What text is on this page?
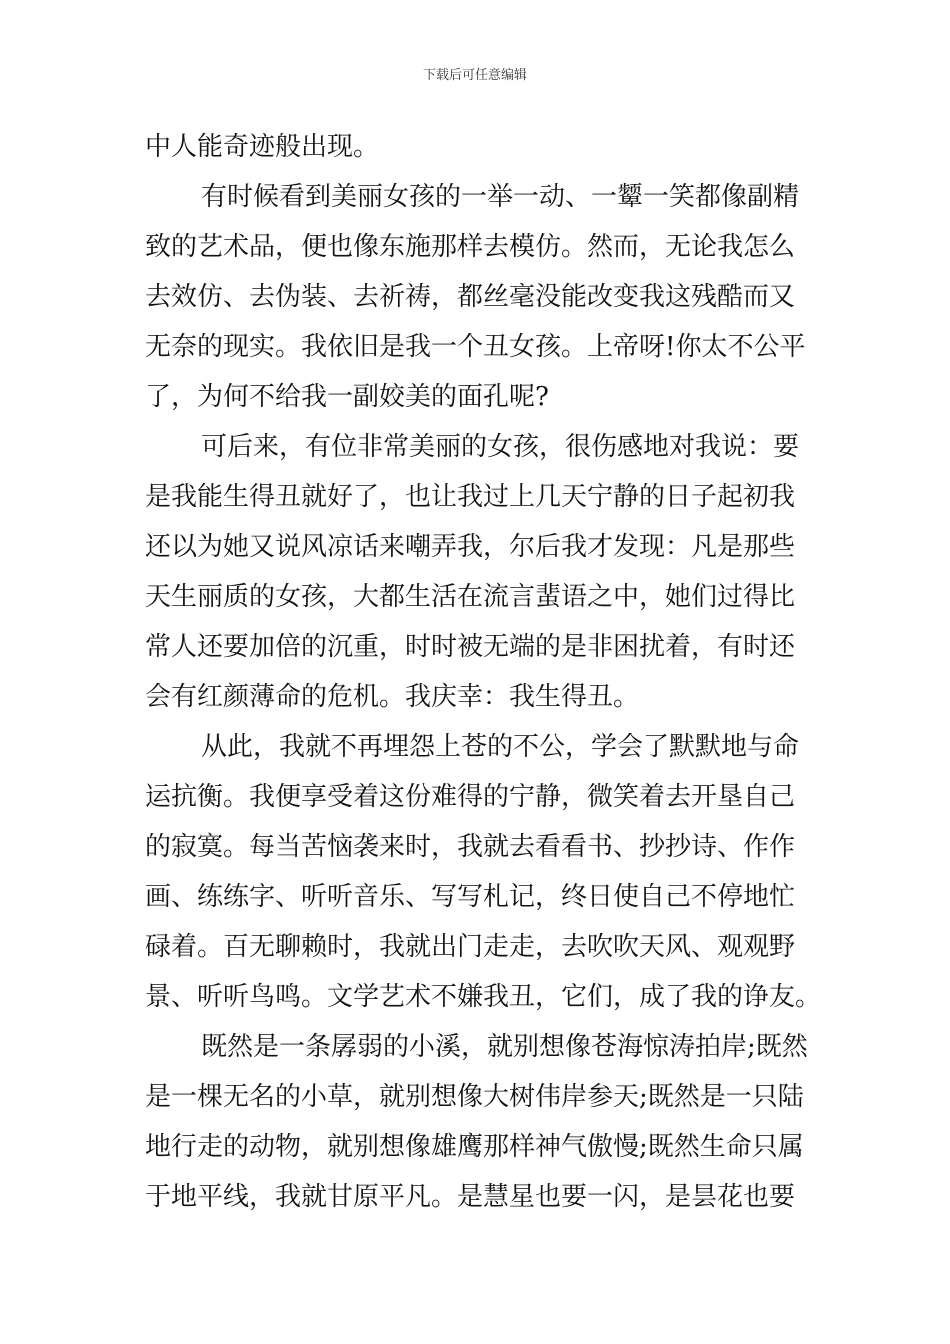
下载后可任意编辑
中人能奇迹般出现。
有时候看到美丽女孩的一举一动、一颦一笑都像副精
致的艺术品，便也像东施那样去模仿。然而，无论我怎么
去效仿、去伪装、去祈祷，都丝毫没能改变我这残酷而又
无奈的现实。我依旧是我一个丑女孩。上帝呀!你太不公平
了，为何不给我一副姣美的面孔呢?
可后来，有位非常美丽的女孩，很伤感地对我说：要
是我能生得丑就好了，也让我过上几天宁静的日子起初我
还以为她又说风凉话来嘲弄我，尔后我才发现：凡是那些
天生丽质的女孩，大都生活在流言蜚语之中，她们过得比
常人还要加倍的沉重，时时被无端的是非困扰着，有时还
会有红颜薄命的危机。我庆幸：我生得丑。
从此，我就不再埋怨上苍的不公，学会了默默地与命
运抗衡。我便享受着这份难得的宁静，微笑着去开垦自己
的寂寞。每当苦恼袭来时，我就去看看书、抄抄诗、作作
画、练练字、听听音乐、写写札记，终日使自己不停地忙
碌着。百无聊赖时，我就出门走走，去吹吹天风、观观野
景、听听鸟鸣。文学艺术不嫌我丑，它们，成了我的诤友。
既然是一条孱弱的小溪，就别想像苍海惊涛拍岸;既然
是一棵无名的小草，就别想像大树伟岸参天;既然是一只陆
地行走的动物，就别想像雄鹰那样神气傲慢;既然生命只属
于地平线，我就甘原平凡。是慧星也要一闪，是昙花也要
